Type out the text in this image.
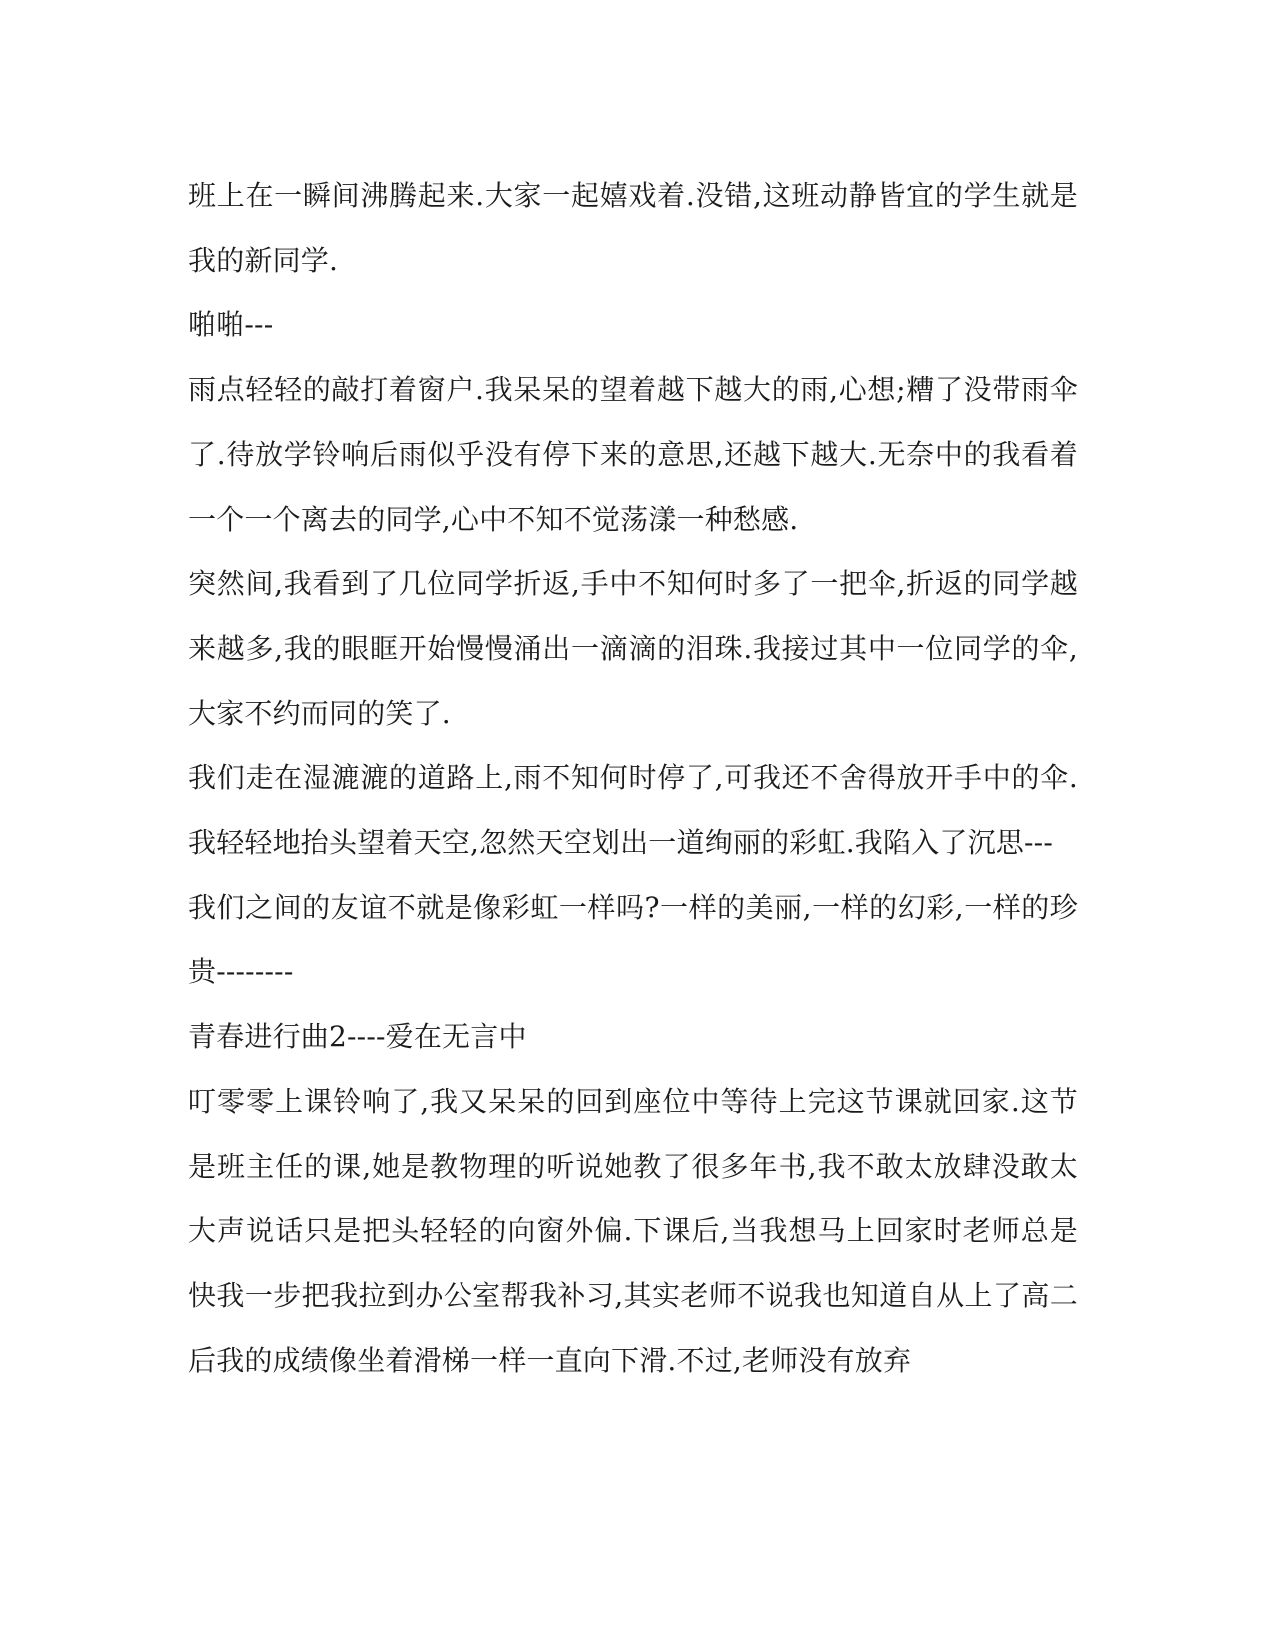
班上在一瞬间沸腾起来.大家一起嬉戏着.没错,这班动静皆宜的学生就是我的新同学.

啪啪---

雨点轻轻的敲打着窗户.我呆呆的望着越下越大的雨,心想;糟了没带雨伞了.待放学铃响后雨似乎没有停下来的意思,还越下越大.无奈中的我看着一个一个离去的同学,心中不知不觉荡漾一种愁感.

突然间,我看到了几位同学折返,手中不知何时多了一把伞,折返的同学越来越多,我的眼眶开始慢慢涌出一滴滴的泪珠.我接过其中一位同学的伞,大家不约而同的笑了.

我们走在湿漉漉的道路上,雨不知何时停了,可我还不舍得放开手中的伞.我轻轻地抬头望着天空,忽然天空划出一道绚丽的彩虹.我陷入了沉思---

我们之间的友谊不就是像彩虹一样吗?一样的美丽,一样的幻彩,一样的珍贵--------

青春进行曲2----爱在无言中

叮零零上课铃响了,我又呆呆的回到座位中等待上完这节课就回家.这节是班主任的课,她是教物理的听说她教了很多年书,我不敢太放肆没敢太大声说话只是把头轻轻的向窗外偏.下课后,当我想马上回家时老师总是快我一步把我拉到办公室帮我补习,其实老师不说我也知道自从上了高二后我的成绩像坐着滑梯一样一直向下滑.不过,老师没有放弃
